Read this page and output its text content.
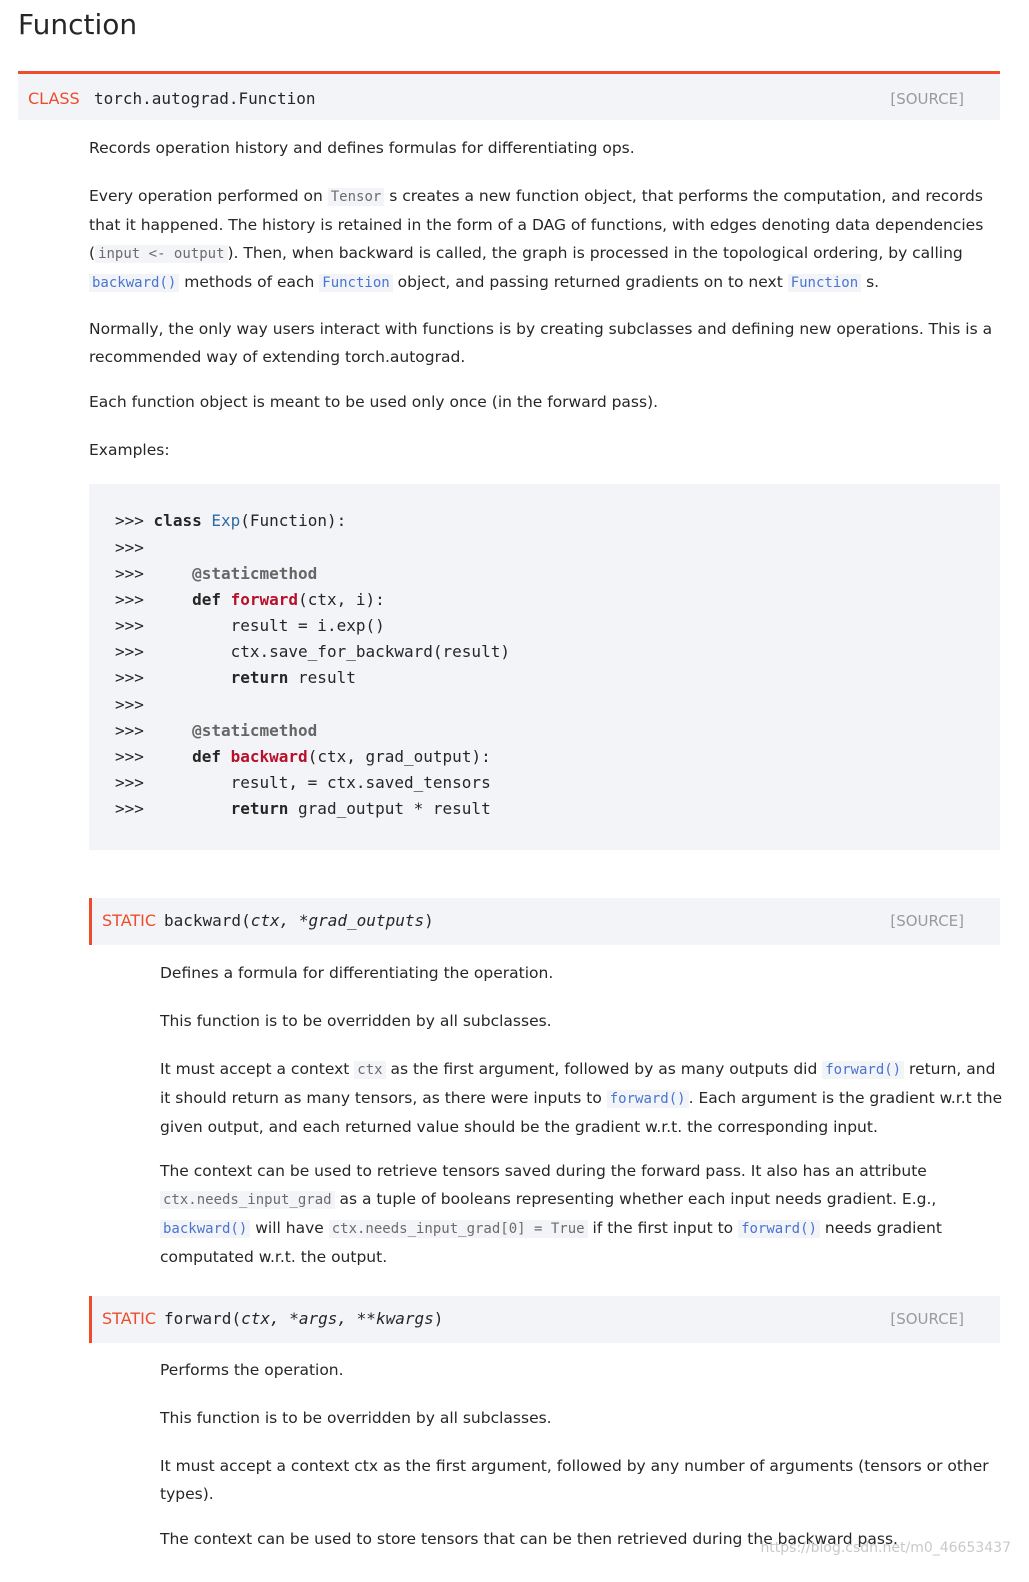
Function
CLASS torch.autograd.Function	[SOURCE]

Records operation history and defines formulas for differentiating ops.

Every operation performed on Tensor s creates a new function object, that performs the computation, and records that it happened. The history is retained in the form of a DAG of functions, with edges denoting data dependencies ( input <- output ). Then, when backward is called, the graph is processed in the topological ordering, by calling backward() methods of each Function object, and passing returned gradients on to next Function s.

Normally, the only way users interact with functions is by creating subclasses and defining new operations. This is a recommended way of extending torch.autograd.

Each function object is meant to be used only once (in the forward pass).

Examples:

>>> class Exp(Function):
>>>
>>>	@staticmethod
>>>	def forward(ctx, i):
>>>	result = i.exp()
>>>	ctx.save_for_backward(result)
>>>	return result
>>>
>>>	@staticmethod
>>>	def backward(ctx, grad_output):
>>>	result, = ctx.saved_tensors
>>>	return grad_output * result
STATIC backward(ctx, *grad_outputs)	[SOURCE]

Defines a formula for differentiating the operation.

This function is to be overridden by all subclasses.

It must accept a context ctx as the first argument, followed by as many outputs did forward() return, and it should return as many tensors, as there were inputs to forward() . Each argument is the gradient w.r.t the given output, and each returned value should be the gradient w.r.t. the corresponding input.

The context can be used to retrieve tensors saved during the forward pass. It also has an attribute ctx.needs_input_grad as a tuple of booleans representing whether each input needs gradient. E.g., backward() will have ctx.needs_input_grad[0] = True if the first input to forward() needs gradient computated w.r.t. the output.

STATIC forward(ctx, *args, **kwargs)	[SOURCE]

Performs the operation.

This function is to be overridden by all subclasses.

It must accept a context ctx as the first argument, followed by any number of arguments (tensors or other types).

The context can be used to store tensors that can be then retrieved during the backward pass.

https://blog.csdn.net/m0_46653437
